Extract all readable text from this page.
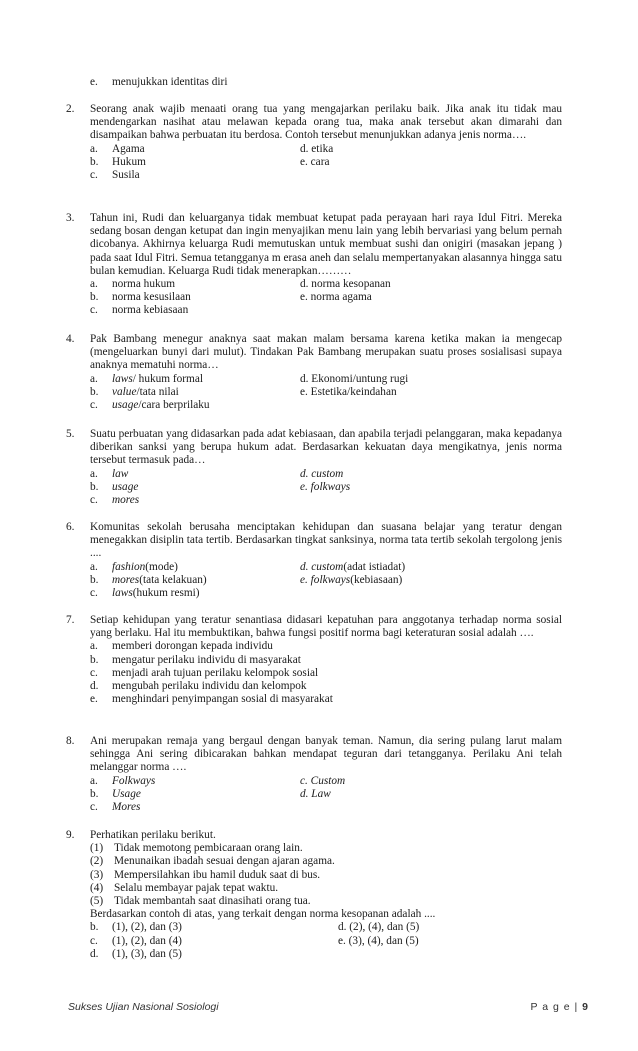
e.	menujukkan identitas diri
2. Seorang anak wajib menaati orang tua yang mengajarkan perilaku baik. Jika anak itu tidak mau mendengarkan nasihat atau melawan kepada orang tua, maka anak tersebut akan dimarahi dan disampaikan bahwa perbuatan itu berdosa. Contoh tersebut menunjukkan adanya jenis norma….
a.	Agama	d. etika
b.	Hukum	e. cara
c.	Susila
3. Tahun ini, Rudi dan keluarganya tidak membuat ketupat pada perayaan hari raya Idul Fitri. Mereka sedang bosan dengan ketupat dan ingin menyajikan menu lain yang lebih bervariasi yang belum pernah dicobanya. Akhirnya keluarga Rudi memutuskan untuk membuat sushi dan onigiri (masakan jepang ) pada saat Idul Fitri. Semua tetangganya m erasa aneh dan selalu mempertanyakan alasannya hingga satu bulan kemudian. Keluarga Rudi tidak menerapkan………
a.	norma hukum	d. norma kesopanan
b.	norma kesusilaan	e. norma agama
c.	norma kebiasaan
4. Pak Bambang menegur anaknya saat makan malam bersama karena ketika makan ia mengecap (mengeluarkan bunyi dari mulut). Tindakan Pak Bambang merupakan suatu proses sosialisasi supaya anaknya mematuhi norma…
a.	laws / hukum formal	d. Ekonomi/untung rugi
b.	value /tata nilai	e. Estetika/keindahan
c.	usage /cara berprilaku
5. Suatu perbuatan yang didasarkan pada adat kebiasaan, dan apabila terjadi pelanggaran, maka kepadanya diberikan sanksi yang berupa hukum adat. Berdasarkan kekuatan daya mengikatnya, jenis norma tersebut termasuk pada…
a.	law	d. custom
b.	usage	e. folkways
c.	mores
6. Komunitas sekolah berusaha menciptakan kehidupan dan suasana belajar yang teratur dengan menegakkan disiplin tata tertib. Berdasarkan tingkat sanksinya, norma tata tertib sekolah tergolong jenis ....
a.	fashion (mode)	d. custom (adat istiadat)
b.	mores (tata kelakuan)	e. folkways (kebiasaan)
c.	laws (hukum resmi)
7. Setiap kehidupan yang teratur senantiasa didasari kepatuhan para anggotanya terhadap norma sosial yang berlaku. Hal itu membuktikan, bahwa fungsi positif norma bagi keteraturan sosial adalah ….
a.	memberi dorongan kepada individu
b.	mengatur perilaku individu di masyarakat
c.	menjadi arah tujuan perilaku kelompok sosial
d.	mengubah perilaku individu dan kelompok
e.	menghindari penyimpangan sosial di masyarakat
8. Ani merupakan remaja yang bergaul dengan banyak teman. Namun, dia sering pulang larut malam sehingga Ani sering dibicarakan bahkan mendapat teguran dari tetangganya. Perilaku Ani telah melanggar norma ….
a.	Folkways	c. Custom
b.	Usage	d. Law
c.	Mores
9. Perhatikan perilaku berikut.
(1) Tidak memotong pembicaraan orang lain.
(2) Menunaikan ibadah sesuai dengan ajaran agama.
(3) Mempersilahkan ibu hamil duduk saat di bus.
(4) Selalu membayar pajak tepat waktu.
(5) Tidak membantah saat dinasihati orang tua.
Berdasarkan contoh di atas, yang terkait dengan norma kesopanan adalah ....
b.	(1), (2), dan (3)	d. (2), (4), dan (5)
c.	(1), (2), dan (4)	e. (3), (4), dan (5)
d.	(1), (3), dan (5)
Sukses Ujian Nasional Sosiologi	P a g e | 9
